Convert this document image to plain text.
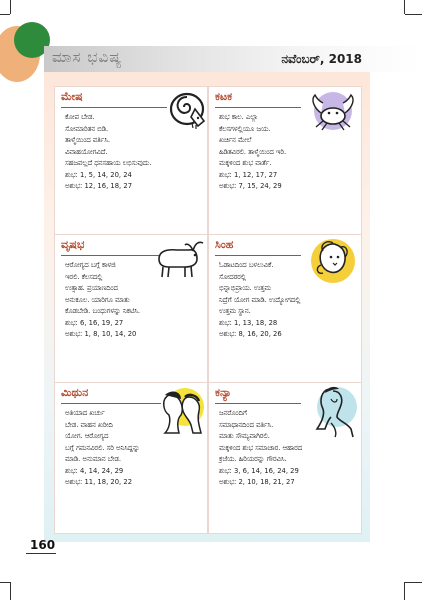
ಮಾಸ ಭವಿಷ್ಯ	ನವೆಂಬರ್, 2018
ಮೇಷ

ಕೋಪ ಬೇಡ.

ಸೋಮಾರಿತನ ಬಿಡಿ.

ತಾಳ್ಮೆಯಿಂದ ವರ್ತಿಸಿ.

ವಿವಾಹಯೋಗವಿದೆ.

ಸಹಜವಲ್ಲದೆ ಧನಸಹಾಯ ಲಭಿಸುವುದು.

ಶುಭ: 1, 5, 14, 20, 24

ಅಶುಭ: 12, 16, 18, 27

ಕಟಕ

ಶುಭ ಕಾಲ. ಎಲ್ಲಾ

ಕೆಲಸಗಳಲ್ಲಿಯೂ ಜಯ.

ಖರ್ಚಿನ ಮೇಲೆ

ಹಿಡಿತವಿರಲಿ. ತಾಳ್ಮೆಯಿಂದ ಇರಿ.

ಮಕ್ಕಳಿಂದ ಶುಭ ವಾರ್ತೆ.

ಶುಭ: 1, 12, 17, 27

ಅಶುಭ: 7, 15, 24, 29

ವೃಷಭ

ಆರೋಗ್ಯದ ಬಗ್ಗೆ ಕಾಳಜಿ

ಇರಲಿ. ಕೆಲಸದಲ್ಲಿ

ಉತ್ಸಾಹ. ಪ್ರಯಾಣದಿಂದ

ಅನುಕೂಲ. ಯಾರಿಗೂ ಮಾತು

ಕೊಡಬೇಡಿ. ಬಂಧುಗಳನ್ನು ನಿಕಟಿಸಿ.

ಶುಭ: 6, 16, 19, 27

ಅಶುಭ: 1, 8, 10, 14, 20

ಸಿಂಹ

ಓಡಾಟದಿಂದ ಬಳಲುವಿಕೆ.

ಸೋದರರಲ್ಲಿ

ಭಿನ್ನಾಭಿಪ್ರಾಯ. ಉತ್ತಮ

ನಿದ್ರೆಗೆ ಯೋಗ ಮಾಡಿ. ಉದ್ಯೋಗದಲ್ಲಿ

ಉತ್ತಮ ಸ್ಥಾನ.

ಶುಭ: 1, 13, 18, 28

ಅಶುಭ: 8, 16, 20, 26

ಮಿಥುನ

ಅತಿಯಾದ ಖರ್ಚು

ಬೇಡ. ವಾಹನ ಖರೀದಿ

ಯೋಗ. ಆರೋಗ್ಯದ

ಬಗ್ಗೆ ಗಮನವಿರಲಿ. ಸರಿ ಅನಿಸಿದ್ದನ್ನು

ಮಾಡಿ. ಅನುಮಾನ ಬೇಡ.

ಶುಭ: 4, 14, 24, 29

ಅಶುಭ: 11, 18, 20, 22

ಕನ್ಯಾ

ಜನರೊಂದಿಗೆ

ಸಮಾಧಾನದಿಂದ ವರ್ತಿಸಿ.

ಮಾತು ಸೌಮ್ಯವಾಗಿರಲಿ.

ಮಕ್ಕಳಿಂದ ಶುಭ ಸಮಾಚಾರ. ಆಹಾರದ

ಕ್ರಜೆಯ. ಹಿರಿಯರನ್ನು ಗೌರವಿಸಿ.

ಶುಭ: 3, 6, 14, 16, 24, 29

ಅಶುಭ: 2, 10, 18, 21, 27

160
